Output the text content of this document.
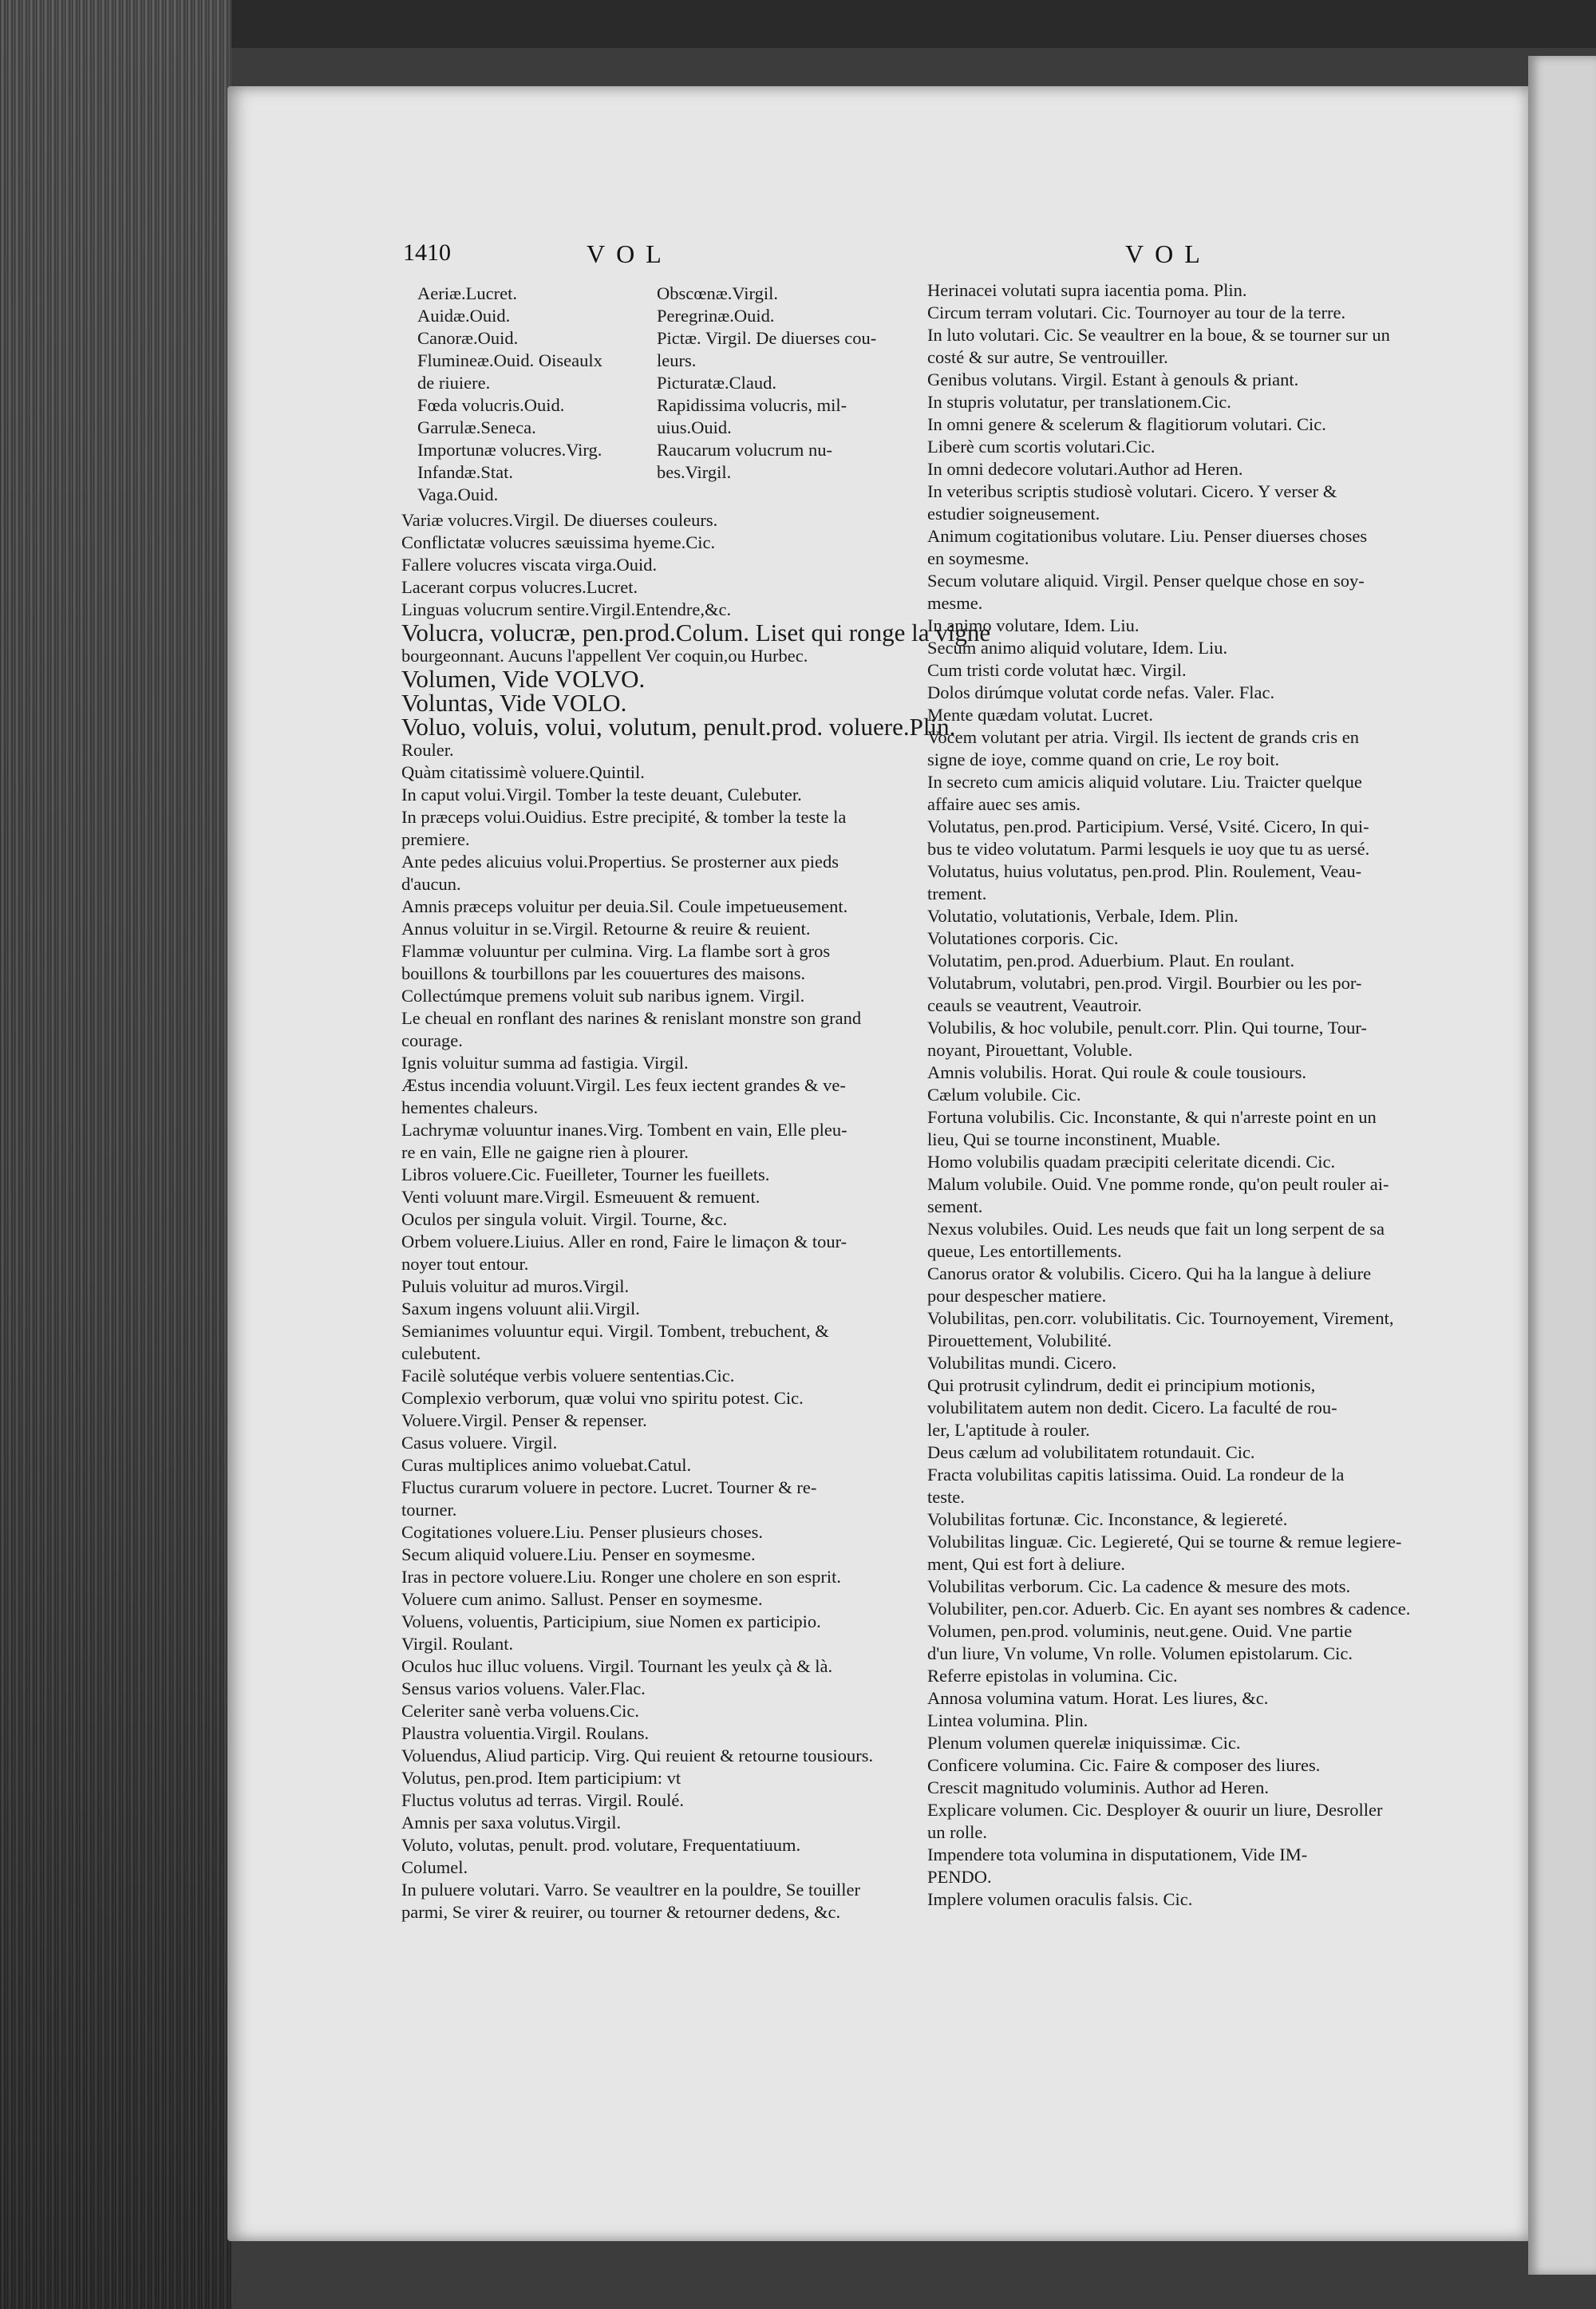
1410	VOL	VOL
Aeriæ.Lucret.
Auidæ.Ouid.
Canoræ.Ouid.
Flumineæ.Ouid. Oiseaulx
de riuiere.
Fœda volucris.Ouid.
Garrulæ.Seneca.
Importunæ volucres.Virg.
Infandæ.Stat.
Vaga.Ouid.
Obscœnæ.Virgil.
Peregrinæ.Ouid.
Pictæ. Virgil. De diuerses cou-
leurs.
Picturatæ.Claud.
Rapidissima volucris, mil-
uius.Ouid.
Raucarum volucrum nu-
bes.Virgil.
Variæ volucres.Virgil. De diuerses couleurs.
Conflictatæ volucres sæuissima hyeme.Cic.
Fallere volucres viscata virga.Ouid.
Lacerant corpus volucres.Lucret.
Linguas volucrum sentire.Virgil.Entendre,&c.
Volucra, volucræ, pen.prod.Colum. Liset qui ronge la vigne
bourgeonnant. Aucuns l'appellent Ver coquin,ou Hurbec.
Volumen, Vide VOLVO.
Voluntas, Vide VOLO.
Voluo, voluis, volui, volutum, penult.prod. voluere.Plin.
Rouler.
Quàm citatissimè voluere.Quintil.
In caput volui.Virgil. Tomber la teste deuant, Culebuter.
In præceps volui.Ouidius. Estre precipité, & tomber la teste la
premiere.
Ante pedes alicuius volui.Propertius. Se prosterner aux pieds
d'aucun.
Amnis præceps voluitur per deuia.Sil. Coule impetueusement.
Annus voluitur in se.Virgil. Retourne & reuire & reuient.
Flammæ voluuntur per culmina. Virg. La flambe sort à gros
bouillons & tourbillons par les couuertures des maisons.
Collectúmque premens voluit sub naribus ignem. Virgil.
Le cheual en ronflant des narines & renislant monstre son grand
courage.
Ignis voluitur summa ad fastigia. Virgil.
Æstus incendia voluunt.Virgil. Les feux iectent grandes & ve-
hementes chaleurs.
Lachrymæ voluuntur inanes.Virg. Tombent en vain, Elle pleu-
re en vain, Elle ne gaigne rien à plourer.
Libros voluere.Cic. Fueilleter, Tourner les fueillets.
Venti voluunt mare.Virgil. Esmeuuent & remuent.
Oculos per singula voluit. Virgil. Tourne, &c.
Orbem voluere.Liuius. Aller en rond, Faire le limaçon & tour-
noyer tout entour.
Puluis voluitur ad muros.Virgil.
Saxum ingens voluunt alii.Virgil.
Semianimes voluuntur equi. Virgil. Tombent, trebuchent, &
culebutent.
Facilè solutéque verbis voluere sententias.Cic.
Complexio verborum, quæ volui vno spiritu potest. Cic.
Voluere.Virgil. Penser & repenser.
Casus voluere. Virgil.
Curas multiplices animo voluebat.Catul.
Fluctus curarum voluere in pectore. Lucret. Tourner & re-
tourner.
Cogitationes voluere.Liu. Penser plusieurs choses.
Secum aliquid voluere.Liu. Penser en soymesme.
Iras in pectore voluere.Liu. Ronger une cholere en son esprit.
Voluere cum animo. Sallust. Penser en soymesme.
Voluens, voluentis, Participium, siue Nomen ex participio.
Virgil. Roulant.
Oculos huc illuc voluens. Virgil. Tournant les yeulx çà & là.
Sensus varios voluens. Valer.Flac.
Celeriter sanè verba voluens.Cic.
Plaustra voluentia.Virgil. Roulans.
Voluendus, Aliud particip. Virg. Qui reuient & retourne tousiours.
Volutus, pen.prod. Item participium: vt
Fluctus volutus ad terras. Virgil. Roulé.
Amnis per saxa volutus.Virgil.
Voluto, volutas, penult. prod. volutare, Frequentatiuum.
Columel.
In puluere volutari. Varro. Se veaultrer en la pouldre, Se touiller
parmi, Se virer & reuirer, ou tourner & retourner dedens, &c.
Herinacei volutati supra iacentia poma. Plin.
Circum terram volutari. Cic. Tournoyer au tour de la terre.
In luto volutari. Cic. Se veaultrer en la boue, & se tourner sur un
costé & sur autre, Se ventrouiller.
Genibus volutans. Virgil. Estant à genouls & priant.
In stupris volutatur, per translationem.Cic.
In omni genere & scelerum & flagitiorum volutari. Cic.
Liberè cum scortis volutari.Cic.
In omni dedecore volutari.Author ad Heren.
In veteribus scriptis studiosè volutari. Cicero. Y verser &
estudier soigneusement.
Animum cogitationibus volutare. Liu. Penser diuerses choses
en soymesme.
Secum volutare aliquid. Virgil. Penser quelque chose en soy-
mesme.
In animo volutare, Idem. Liu.
Secum animo aliquid volutare, Idem. Liu.
Cum tristi corde volutat hæc. Virgil.
Dolos dirúmque volutat corde nefas. Valer. Flac.
Mente quædam volutat. Lucret.
Vocem volutant per atria. Virgil. Ils iectent de grands cris en
signe de ioye, comme quand on crie, Le roy boit.
In secreto cum amicis aliquid volutare. Liu. Traicter quelque
affaire auec ses amis.
Volutatus, pen.prod. Participium. Versé, Vsité. Cicero, In qui-
bus te video volutatum. Parmi lesquels ie uoy que tu as uersé.
Volutatus, huius volutatus, pen.prod. Plin. Roulement, Veau-
trement.
Volutatio, volutationis, Verbale, Idem. Plin.
Volutationes corporis. Cic.
Volutatim, pen.prod. Aduerbium. Plaut. En roulant.
Volutabrum, volutabri, pen.prod. Virgil. Bourbier ou les por-
ceauls se veautrent, Veautroir.
Volubilis, & hoc volubile, penult.corr. Plin. Qui tourne, Tour-
noyant, Pirouettant, Voluble.
Amnis volubilis. Horat. Qui roule & coule tousiours.
Cælum volubile. Cic.
Fortuna volubilis. Cic. Inconstante, & qui n'arreste point en un
lieu, Qui se tourne inconstinent, Muable.
Homo volubilis quadam præcipiti celeritate dicendi. Cic.
Malum volubile. Ouid. Vne pomme ronde, qu'on peult rouler ai-
sement.
Nexus volubiles. Ouid. Les neuds que fait un long serpent de sa
queue, Les entortillements.
Canorus orator & volubilis. Cicero. Qui ha la langue à deliure
pour despescher matiere.
Volubilitas, pen.corr. volubilitatis. Cic. Tournoyement, Virement,
Pirouettement, Volubilité.
Volubilitas mundi. Cicero.
Qui protrusit cylindrum, dedit ei principium motionis,
volubilitatem autem non dedit. Cicero. La faculté de rou-
ler, L'aptitude à rouler.
Deus cælum ad volubilitatem rotundauit. Cic.
Fracta volubilitas capitis latissima. Ouid. La rondeur de la
teste.
Volubilitas fortunæ. Cic. Inconstance, & legiereté.
Volubilitas linguæ. Cic. Legiereté, Qui se tourne & remue legiere-
ment, Qui est fort à deliure.
Volubilitas verborum. Cic. La cadence & mesure des mots.
Volubiliter, pen.cor. Aduerb. Cic. En ayant ses nombres & cadence.
Volumen, pen.prod. voluminis, neut.gene. Ouid. Vne partie
d'un liure, Vn volume, Vn rolle. Volumen epistolarum. Cic.
Referre epistolas in volumina. Cic.
Annosa volumina vatum. Horat. Les liures, &c.
Lintea volumina. Plin.
Plenum volumen querelæ iniquissimæ. Cic.
Conficere volumina. Cic. Faire & composer des liures.
Crescit magnitudo voluminis. Author ad Heren.
Explicare volumen. Cic. Desployer & ouurir un liure, Desroller
un rolle.
Impendere tota volumina in disputationem, Vide IM-
PENDO.
Implere volumen oraculis falsis. Cic.
